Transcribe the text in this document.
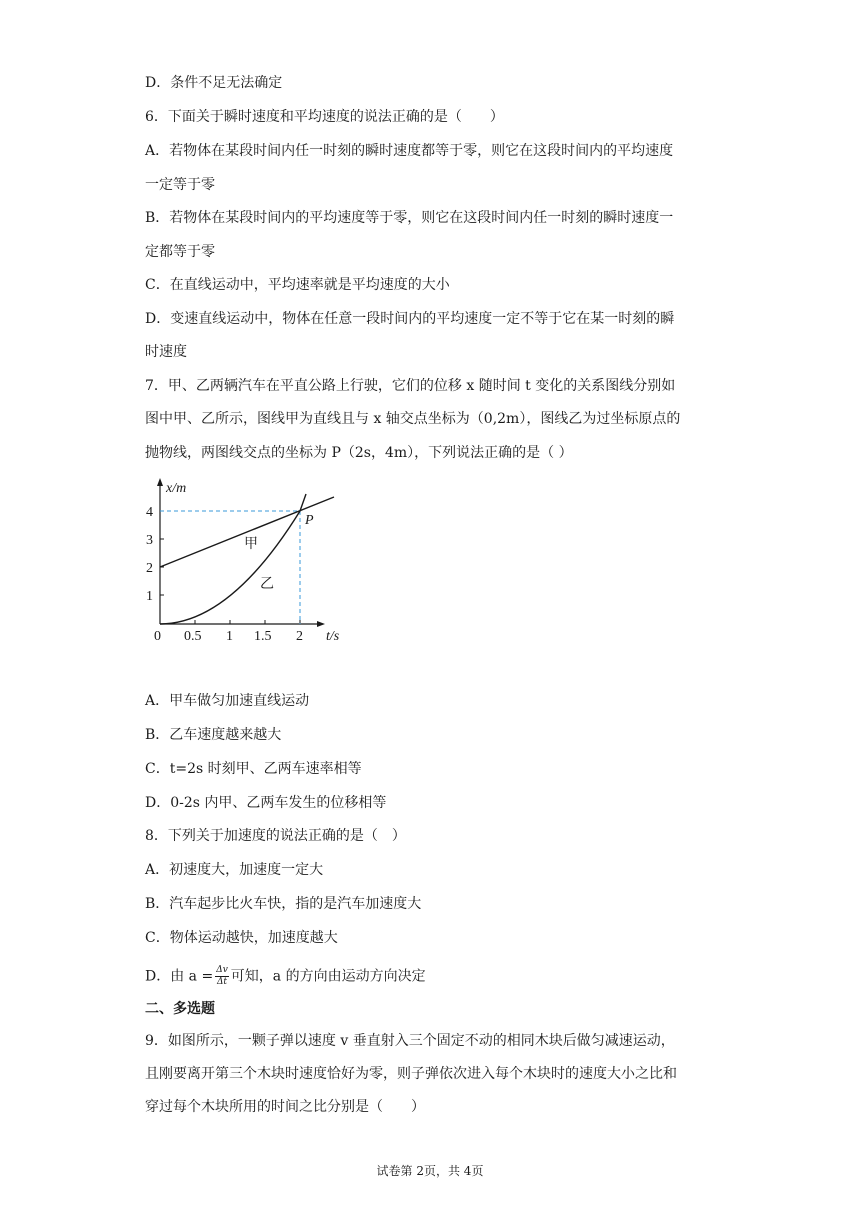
D．条件不足无法确定
6．下面关于瞬时速度和平均速度的说法正确的是（　　）
A．若物体在某段时间内任一时刻的瞬时速度都等于零，则它在这段时间内的平均速度
一定等于零
B．若物体在某段时间内的平均速度等于零，则它在这段时间内任一时刻的瞬时速度一
定都等于零
C．在直线运动中，平均速率就是平均速度的大小
D．变速直线运动中，物体在任意一段时间内的平均速度一定不等于它在某一时刻的瞬
时速度
7．甲、乙两辆汽车在平直公路上行驶，它们的位移 x 随时间 t 变化的关系图线分别如
图中甲、乙所示，图线甲为直线且与 x 轴交点坐标为（0,2m），图线乙为过坐标原点的
抛物线，两图线交点的坐标为 P（2s，4m），下列说法正确的是（ ）
x/m
t/s
4
3
2
1
0 0.5 1 1.5 2
P
甲
乙
A．甲车做匀加速直线运动
B．乙车速度越来越大
C．t=2s 时刻甲、乙两车速率相等
D．0-2s 内甲、乙两车发生的位移相等
8．下列关于加速度的说法正确的是（　）
A．初速度大，加速度一定大
B．汽车起步比火车快，指的是汽车加速度大
C．物体运动越快，加速度越大
D．由 $a = \frac{\Delta v}{\Delta t}$ 可知，a 的方向由运动方向决定
二、多选题
9．如图所示，一颗子弹以速度 v 垂直射入三个固定不动的相同木块后做匀减速运动，
且刚要离开第三个木块时速度恰好为零，则子弹依次进入每个木块时的速度大小之比和
穿过每个木块所用的时间之比分别是（　　）
试卷第 2页，共 4页
